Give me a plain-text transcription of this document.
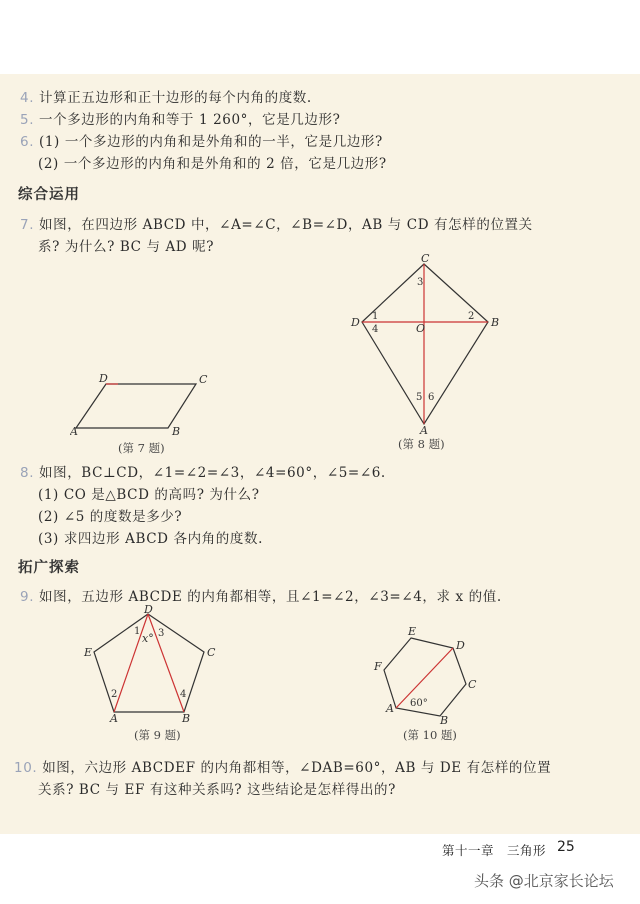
4. 计算正五边形和正十边形的每个内角的度数.
5. 一个多边形的内角和等于 1 260°，它是几边形?
6. (1) 一个多边形的内角和是外角和的一半，它是几边形?
(2) 一个多边形的内角和是外角和的 2 倍，它是几边形?
综合运用
7. 如图，在四边形 ABCD 中，∠A=∠C，∠B=∠D，AB 与 CD 有怎样的位置关
系? 为什么? BC 与 AD 呢?
D	C
A	B
(第 7 题)
C
B
D
A
O
3
2
1
4
5 6
(第 8 题)
8. 如图，BC⊥CD，∠1=∠2=∠3，∠4=60°，∠5=∠6.
(1) CO 是△BCD 的高吗? 为什么?
(2) ∠5 的度数是多少?
(3) 求四边形 ABCD 各内角的度数.
拓广探索
9. 如图，五边形 ABCDE 的内角都相等，且∠1=∠2，∠3=∠4，求 x 的值.
D
C
E
A	B
1 3
x°
2	4
(第 9 题)
E
D
F
C
A
B
60°
(第 10 题)
10. 如图，六边形 ABCDEF 的内角都相等，∠DAB=60°，AB 与 DE 有怎样的位置
关系? BC 与 EF 有这种关系吗? 这些结论是怎样得出的?
第十一章　三角形 25
头条 @北京家长论坛
